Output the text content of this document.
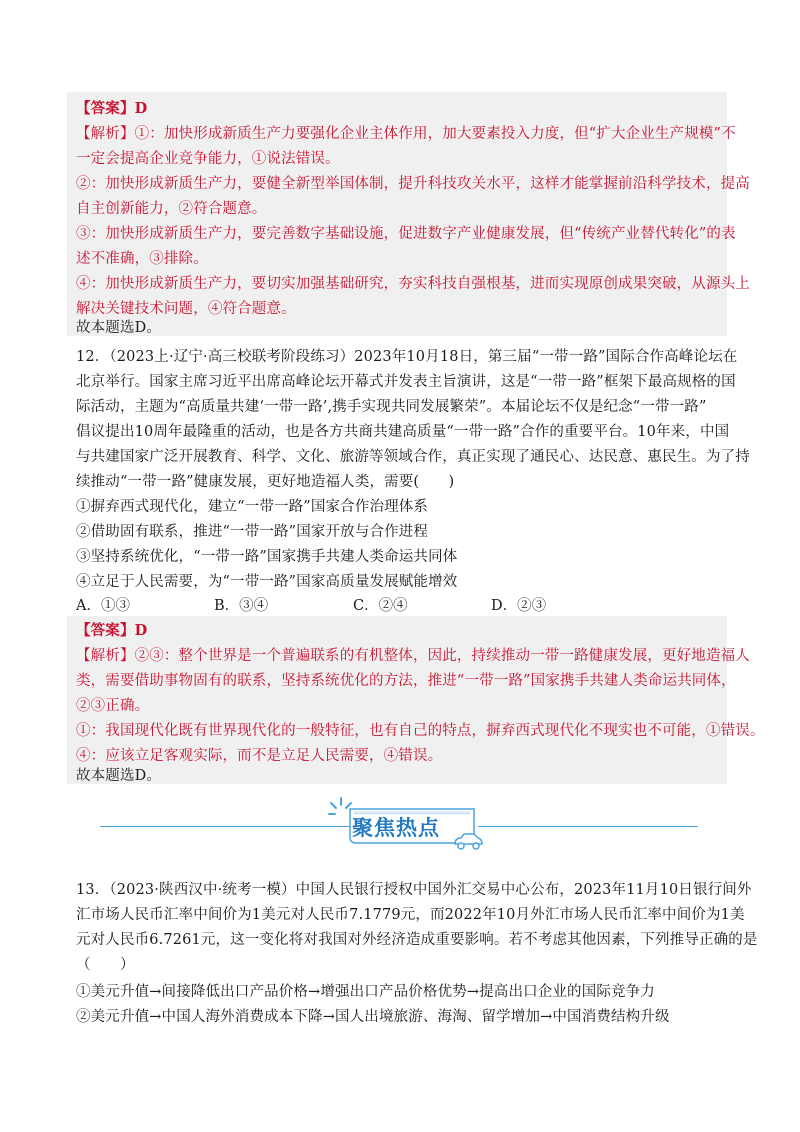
【答案】D
【解析】①：加快形成新质生产力要强化企业主体作用，加大要素投入力度，但“扩大企业生产规模”不
一定会提高企业竞争能力，①说法错误。
②：加快形成新质生产力，要健全新型举国体制，提升科技攻关水平，这样才能掌握前沿科学技术，提高
自主创新能力，②符合题意。
③：加快形成新质生产力，要完善数字基础设施，促进数字产业健康发展，但“传统产业替代转化”的表
述不准确，③排除。
④：加快形成新质生产力，要切实加强基础研究，夯实科技自强根基，进而实现原创成果突破，从源头上
解决关键技术问题，④符合题意。
故本题选D。
12．（2023上·辽宁·高三校联考阶段练习）2023年10月18日，第三届“一带一路”国际合作高峰论坛在
北京举行。国家主席习近平出席高峰论坛开幕式并发表主旨演讲，这是“一带一路”框架下最高规格的国
际活动，主题为“高质量共建‘一带一路’,携手实现共同发展繁荣”。本届论坛不仅是纪念“一带一路”
倡议提出10周年最隆重的活动，也是各方共商共建高质量“一带一路”合作的重要平台。10年来，中国
与共建国家广泛开展教育、科学、文化、旅游等领域合作，真正实现了通民心、达民意、惠民生。为了持
续推动“一带一路”健康发展，更好地造福人类，需要(　　)
①摒弃西式现代化，建立“一带一路”国家合作治理体系
②借助固有联系，推进“一带一路”国家开放与合作进程
③坚持系统优化，“一带一路”国家携手共建人类命运共同体
④立足于人民需要，为“一带一路”国家高质量发展赋能增效
A．①③	B．③④	C．②④	D．②③
【答案】D
【解析】②③：整个世界是一个普遍联系的有机整体，因此，持续推动一带一路健康发展，更好地造福人
类，需要借助事物固有的联系，坚持系统优化的方法，推进“一带一路”国家携手共建人类命运共同体，
②③正确。
①：我国现代化既有世界现代化的一般特征，也有自己的特点，摒弃西式现代化不现实也不可能，①错误。
④：应该立足客观实际，而不是立足人民需要，④错误。
故本题选D。
聚焦热点
13．（2023·陕西汉中·统考一模）中国人民银行授权中国外汇交易中心公布，2023年11月10日银行间外
汇市场人民币汇率中间价为1美元对人民币7.1779元，而2022年10月外汇市场人民币汇率中间价为1美
元对人民币6.7261元，这一变化将对我国对外经济造成重要影响。若不考虑其他因素，下列推导正确的是
（　　）
①美元升值→间接降低出口产品价格→增强出口产品价格优势→提高出口企业的国际竞争力
②美元升值→中国人海外消费成本下降→国人出境旅游、海淘、留学增加→中国消费结构升级
